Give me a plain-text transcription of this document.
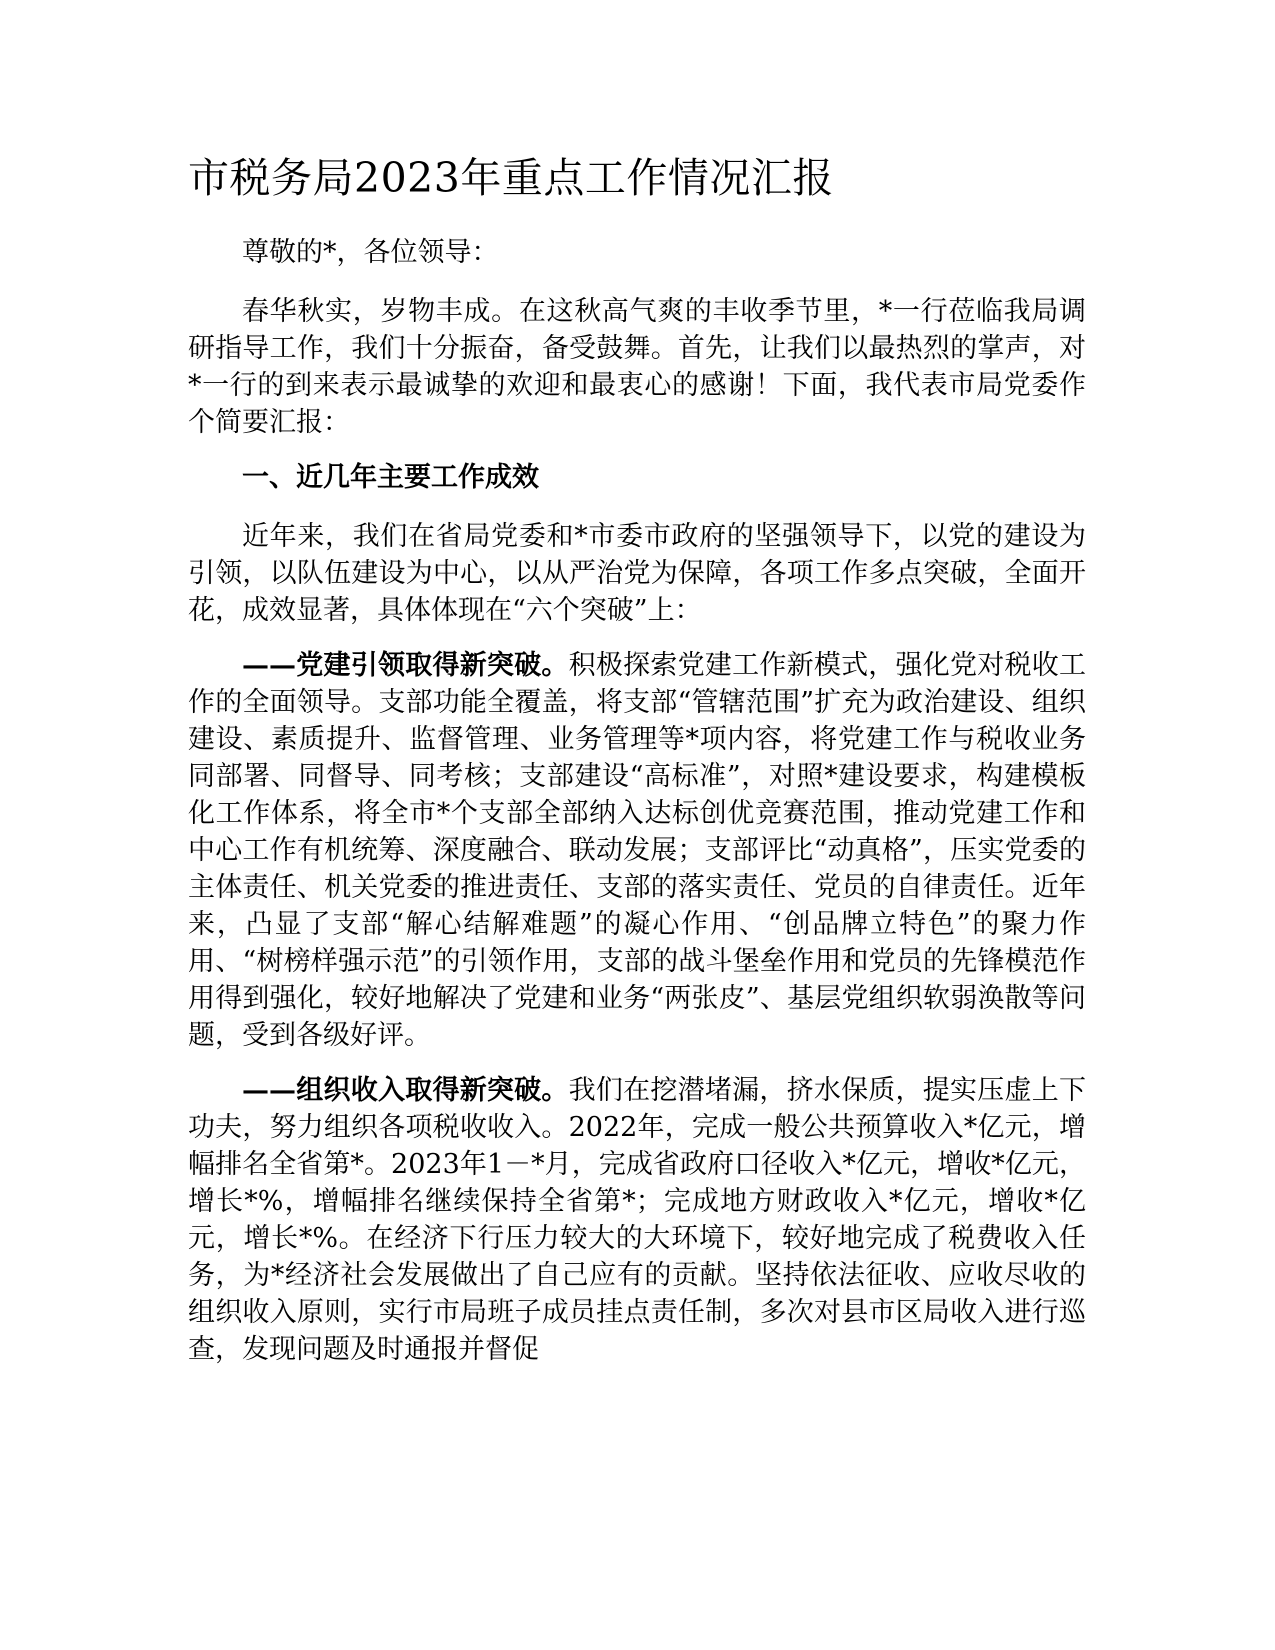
市税务局2023年重点工作情况汇报

尊敬的*，各位领导：

春华秋实，岁物丰成。在这秋高气爽的丰收季节里，*一行莅临我局调研指导工作，我们十分振奋，备受鼓舞。首先，让我们以最热烈的掌声，对*一行的到来表示最诚挚的欢迎和最衷心的感谢！下面，我代表市局党委作个简要汇报：

一、近几年主要工作成效

近年来，我们在省局党委和*市委市政府的坚强领导下，以党的建设为引领，以队伍建设为中心，以从严治党为保障，各项工作多点突破，全面开花，成效显著，具体体现在“六个突破”上：

——党建引领取得新突破。积极探索党建工作新模式，强化党对税收工作的全面领导。支部功能全覆盖，将支部“管辖范围”扩充为政治建设、组织建设、素质提升、监督管理、业务管理等*项内容，将党建工作与税收业务同部署、同督导、同考核；支部建设“高标准”，对照*建设要求，构建模板化工作体系，将全市*个支部全部纳入达标创优竞赛范围，推动党建工作和中心工作有机统筹、深度融合、联动发展；支部评比“动真格”，压实党委的主体责任、机关党委的推进责任、支部的落实责任、党员的自律责任。近年来，凸显了支部“解心结解难题”的凝心作用、“创品牌立特色”的聚力作用、“树榜样强示范”的引领作用，支部的战斗堡垒作用和党员的先锋模范作用得到强化，较好地解决了党建和业务“两张皮”、基层党组织软弱涣散等问题，受到各级好评。

——组织收入取得新突破。我们在挖潜堵漏，挤水保质，提实压虚上下功夫，努力组织各项税收收入。2022年，完成一般公共预算收入*亿元，增幅排名全省第*。2023年1－*月，完成省政府口径收入*亿元，增收*亿元，增长*%，增幅排名继续保持全省第*；完成地方财政收入*亿元，增收*亿元，增长*%。在经济下行压力较大的大环境下，较好地完成了税费收入任务，为*经济社会发展做出了自己应有的贡献。坚持依法征收、应收尽收的组织收入原则，实行市局班子成员挂点责任制，多次对县市区局收入进行巡查，发现问题及时通报并督促
